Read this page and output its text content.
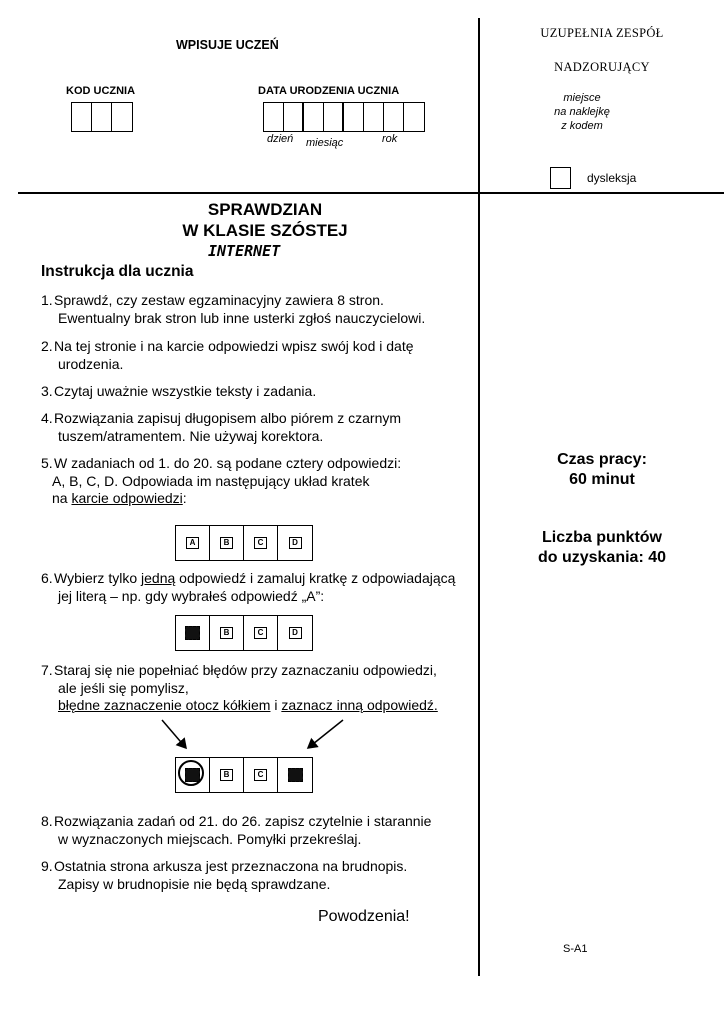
WPISUJE UCZEŃ
KOD UCZNIA	DATA URODZENIA UCZNIA
dzień miesiąc	rok
UZUPEŁNIA ZESPÓŁ
NADZORUJĄCY
miejsce
na naklejkę
z kodem
dysleksja
SPRAWDZIAN
W KLASIE SZÓSTEJ
INTERNET
Instrukcja dla ucznia
1. Sprawdź, czy zestaw egzaminacyjny zawiera 8 stron.
Ewentualny brak stron lub inne usterki zgłoś nauczycielowi.
2. Na tej stronie i na karcie odpowiedzi wpisz swój kod i datę
urodzenia.
3. Czytaj uważnie wszystkie teksty i zadania.
4. Rozwiązania zapisuj długopisem albo piórem z czarnym
tuszem/atramentem. Nie używaj korektora.
5. W zadaniach od 1. do 20. są podane cztery odpowiedzi:
A, B, C, D. Odpowiada im następujący układ kratek
na karcie odpowiedzi:
A	B	C	D
6. Wybierz tylko jedną odpowiedź i zamaluj kratkę z odpowiadającą
jej literą – np. gdy wybrałeś odpowiedź „A”:
B	C	D
7. Staraj się nie popełniać błędów przy zaznaczaniu odpowiedzi,
ale jeśli się pomylisz,
błędne zaznaczenie otocz kółkiem i zaznacz inną odpowiedź.
B	C
8. Rozwiązania zadań od 21. do 26. zapisz czytelnie i starannie
w wyznaczonych miejscach. Pomyłki przekreślaj.
9. Ostatnia strona arkusza jest przeznaczona na brudnopis.
Zapisy w brudnopisie nie będą sprawdzane.
Powodzenia!
Czas pracy:
60 minut
Liczba punktów
do uzyskania: 40
S-A1
